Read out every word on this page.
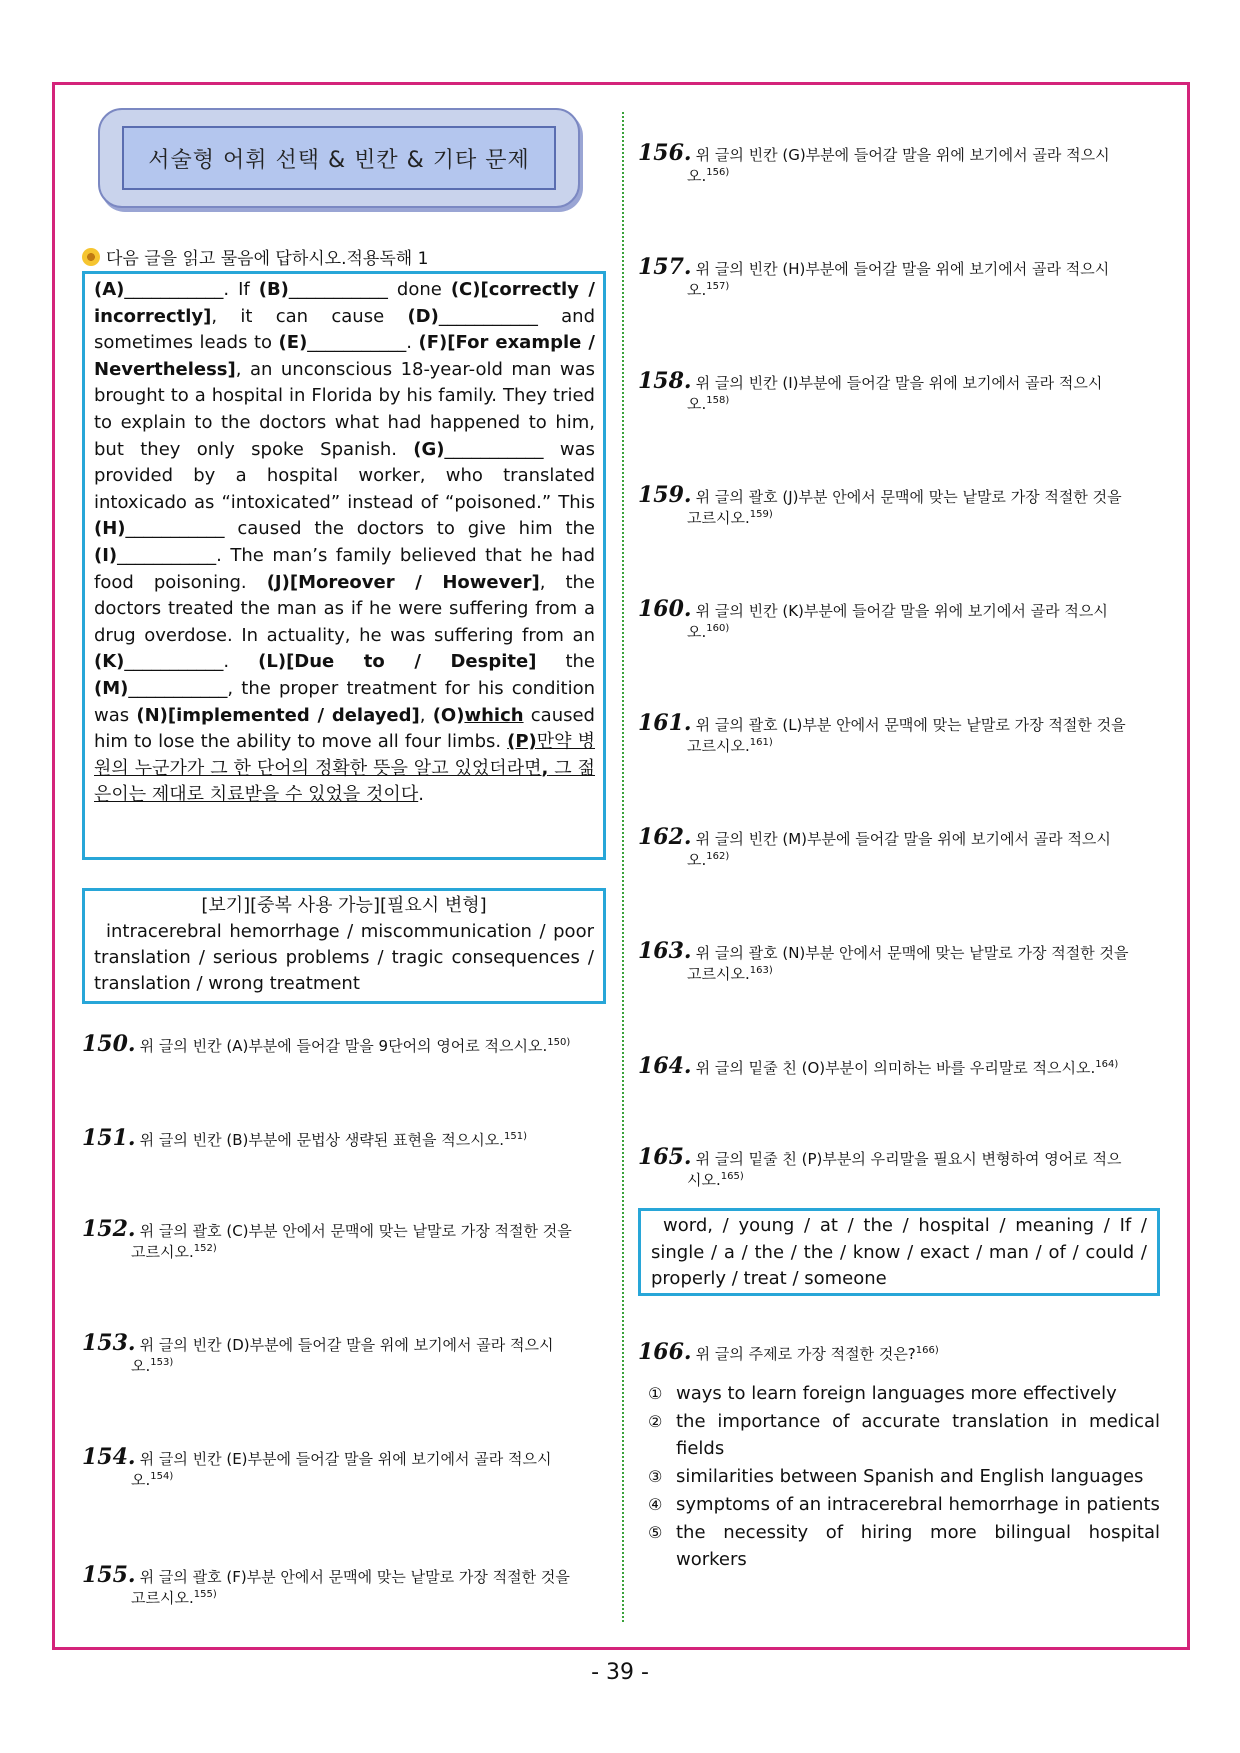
서술형 어휘 선택 & 빈칸 & 기타 문제
다음 글을 읽고 물음에 답하시오.적용독해 1
(A)___________. If (B)___________ done (C)[correctly / incorrectly], it can cause (D)___________ and sometimes leads to (E)___________. (F)[For example / Nevertheless], an unconscious 18-year-old man was brought to a hospital in Florida by his family. They tried to explain to the doctors what had happened to him, but they only spoke Spanish. (G)___________ was provided by a hospital worker, who translated intoxicado as “intoxicated” instead of “poisoned.” This (H)___________ caused the doctors to give him the (I)___________. The man’s family believed that he had food poisoning. (J)[Moreover / However], the doctors treated the man as if he were suffering from a drug overdose. In actuality, he was suffering from an (K)___________. (L)[Due to / Despite] the (M)___________, the proper treatment for his condition was (N)[implemented / delayed], (O)which caused him to lose the ability to move all four limbs. (P)만약 병원의 누군가가 그 한 단어의 정확한 뜻을 알고 있었더라면, 그 젊은이는 제대로 치료받을 수 있었을 것이다.
[보기][중복 사용 가능][필요시 변형]
intracerebral hemorrhage / miscommunication / poor translation / serious problems / tragic consequences / translation / wrong treatment
150. 위 글의 빈칸 (A)부분에 들어갈 말을 9단어의 영어로 적으시오.$^{150)}$
151. 위 글의 빈칸 (B)부분에 문법상 생략된 표현을 적으시오.$^{151)}$
152. 위 글의 괄호 (C)부분 안에서 문맥에 맞는 낱말로 가장 적절한 것을
고르시오.$^{152)}$
153. 위 글의 빈칸 (D)부분에 들어갈 말을 위에 보기에서 골라 적으시
오.$^{153)}$
154. 위 글의 빈칸 (E)부분에 들어갈 말을 위에 보기에서 골라 적으시
오.$^{154)}$
155. 위 글의 괄호 (F)부분 안에서 문맥에 맞는 낱말로 가장 적절한 것을
고르시오.$^{155)}$
156. 위 글의 빈칸 (G)부분에 들어갈 말을 위에 보기에서 골라 적으시
오.$^{156)}$
157. 위 글의 빈칸 (H)부분에 들어갈 말을 위에 보기에서 골라 적으시
오.$^{157)}$
158. 위 글의 빈칸 (I)부분에 들어갈 말을 위에 보기에서 골라 적으시
오.$^{158)}$
159. 위 글의 괄호 (J)부분 안에서 문맥에 맞는 낱말로 가장 적절한 것을
고르시오.$^{159)}$
160. 위 글의 빈칸 (K)부분에 들어갈 말을 위에 보기에서 골라 적으시
오.$^{160)}$
161. 위 글의 괄호 (L)부분 안에서 문맥에 맞는 낱말로 가장 적절한 것을
고르시오.$^{161)}$
162. 위 글의 빈칸 (M)부분에 들어갈 말을 위에 보기에서 골라 적으시
오.$^{162)}$
163. 위 글의 괄호 (N)부분 안에서 문맥에 맞는 낱말로 가장 적절한 것을
고르시오.$^{163)}$
164. 위 글의 밑줄 친 (O)부분이 의미하는 바를 우리말로 적으시오.$^{164)}$
165. 위 글의 밑줄 친 (P)부분의 우리말을 필요시 변형하여 영어로 적으
시오.$^{165)}$
166. 위 글의 주제로 가장 적절한 것은?$^{166)}$
word, / young / at / the / hospital / meaning / If / single / a / the / the / know / exact / man / of / could / properly / treat / someone
① ways to learn foreign languages more effectively
② the importance of accurate translation in medical fields
③ similarities between Spanish and English languages
④ symptoms of an intracerebral hemorrhage in patients
⑤ the necessity of hiring more bilingual hospital workers
- 39 -
